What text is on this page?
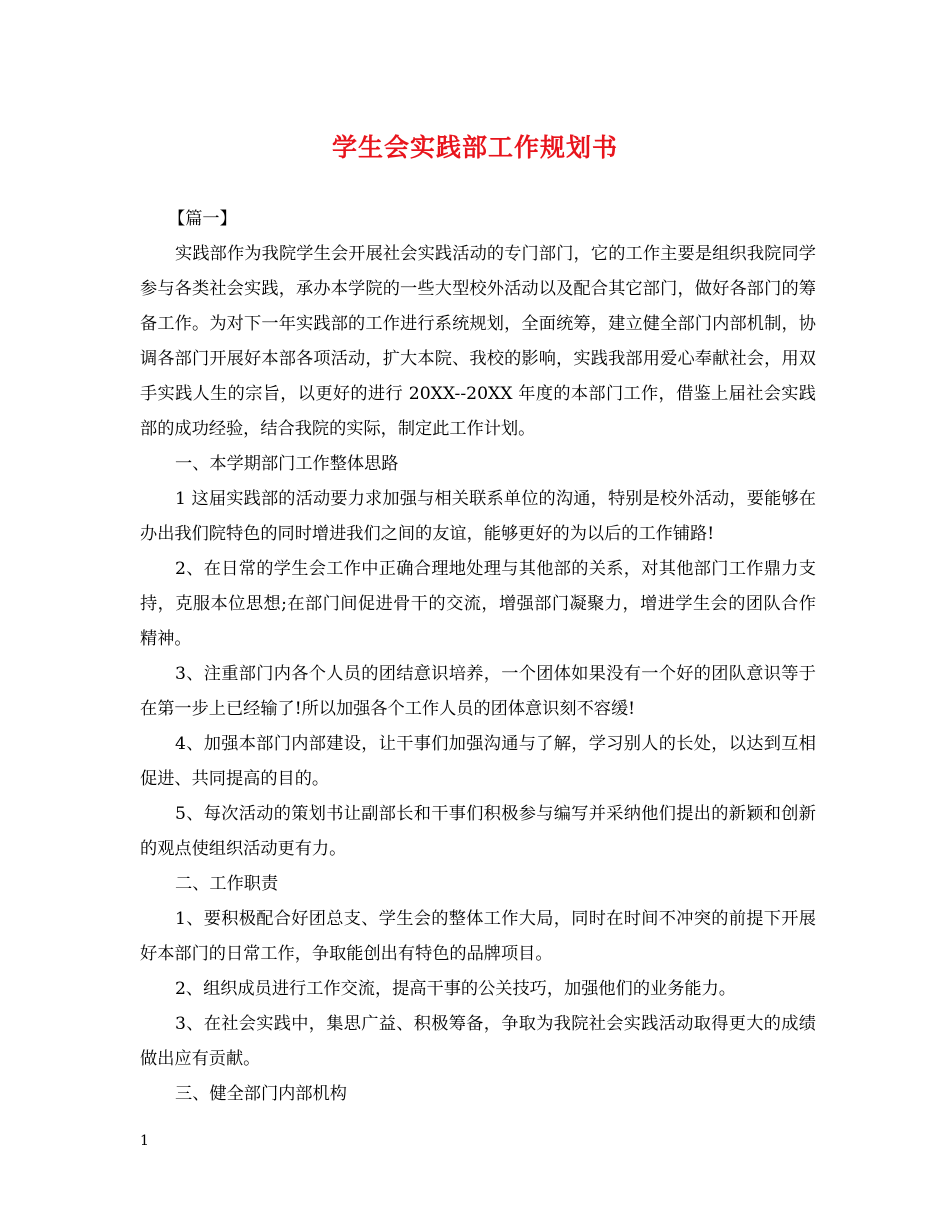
学生会实践部工作规划书

【篇一】

实践部作为我院学生会开展社会实践活动的专门部门，它的工作主要是组织我院同学参与各类社会实践，承办本学院的一些大型校外活动以及配合其它部门，做好各部门的筹备工作。为对下一年实践部的工作进行系统规划，全面统筹，建立健全部门内部机制，协调各部门开展好本部各项活动，扩大本院、我校的影响，实践我部用爱心奉献社会，用双手实践人生的宗旨，以更好的进行 20XX--20XX 年度的本部门工作，借鉴上届社会实践部的成功经验，结合我院的实际，制定此工作计划。

一、本学期部门工作整体思路

1 这届实践部的活动要力求加强与相关联系单位的沟通，特别是校外活动，要能够在办出我们院特色的同时增进我们之间的友谊，能够更好的为以后的工作铺路!

2、在日常的学生会工作中正确合理地处理与其他部的关系，对其他部门工作鼎力支持，克服本位思想;在部门间促进骨干的交流，增强部门凝聚力，增进学生会的团队合作精神。

3、注重部门内各个人员的团结意识培养，一个团体如果没有一个好的团队意识等于在第一步上已经输了!所以加强各个工作人员的团体意识刻不容缓!

4、加强本部门内部建设，让干事们加强沟通与了解，学习别人的长处，以达到互相促进、共同提高的目的。

5、每次活动的策划书让副部长和干事们积极参与编写并采纳他们提出的新颖和创新的观点使组织活动更有力。

二、工作职责

1、要积极配合好团总支、学生会的整体工作大局，同时在时间不冲突的前提下开展好本部门的日常工作，争取能创出有特色的品牌项目。

2、组织成员进行工作交流，提高干事的公关技巧，加强他们的业务能力。

3、在社会实践中，集思广益、积极筹备，争取为我院社会实践活动取得更大的成绩做出应有贡献。

三、健全部门内部机构

1
